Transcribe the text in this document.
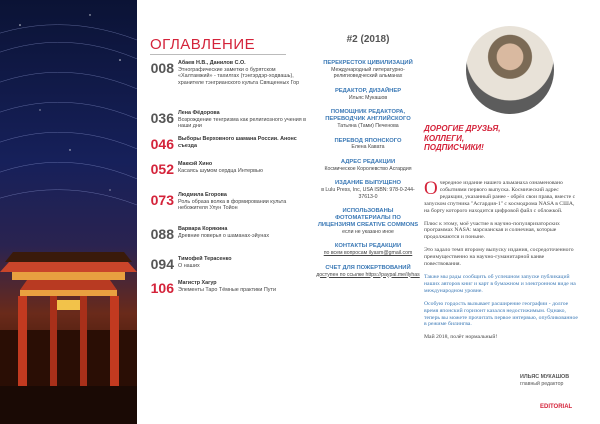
ОГЛАВЛЕНИЕ
008 Абаев Н.В., Данилов С.О.
Этнографические заметки о бурятском «Халтамжий» - тахилгах (тэнгэрдэр-ходвашь), хранителе тэнгрианского культа Священных Гор
036 Лена Фёдорова
Возрождение тенгризма как религиозного учения в наши дни
046 Выборы Верховного шамана России. Анонс съезда
052 Маккэй Хино
Касаясь шумом сердца Интервью
073 Людмила Егорова
Роль образа волка в формировании культа небожителя Улун Тойон
088 Варвара Корякина
Древние поверья о шаманах-эйунах
094 Тимофей Терасенко
О наших
106 Магистр Хагур
Элементы Таро Тёмные практики Пути
#2 (2018)
ПЕРЕКРЕСТОК ЦИВИЛИЗАЦИЙ
Международный литературно-религиоведческий альманах
РЕДАКТОР, ДИЗАЙНЕР
Ильяс Мукашов
ПОМОЩНИК РЕДАКТОРА, ПЕРЕВОДЧИК АНГЛИЙСКОГО
Татьяна (Тами) Печенова
ПЕРЕВОД ЯПОНСКОГО
Елена Кавата
АДРЕС РЕДАКЦИИ
Космическое Королевство Асгардия
ИЗДАНИЕ ВЫПУЩЕНО
в Lulu Press, Inc, USA ISBN: 978-0-244-37613-0
ИСПОЛЬЗОВАНЫ ФОТОМАТЕРИАЛЫ ПО ЛИЦЕНЗИЯМ CREATIVE COMMONS
если не указано иное
КОНТАКТЫ РЕДАКЦИИ
по всем вопросам ilyasm@gmail.com
СЧЕТ ДЛЯ ПОЖЕРТВОВАНИЙ
доступен по ссылке https://paypal.me/ilyhas
ДОРОГИЕ ДРУЗЬЯ, КОЛЛЕГИ, ПОДПИСЧИКИ!

О чередное издание нашего альманаха ознаменовано событиями первого выпуска. Космический адрес редакции, указанный ранее - обрёл свои права, вместе с запуском спутника "Асгардия-1" с космодрома NASA в США, на борту которого находится цифровой файл с обложкой.

Плюс к этому, моё участие в научно-популяризаторских программах NASA: марсианская и солнечная, которые продолжаются и поныне.

Это задало темп второму выпуску издания, сосредоточенного преимущественно на научно-гуманитарной канве повествования.

Также мы рады сообщить об успешном запуске публикаций наших авторов книг и карт в бумажном и электронном виде на международном уровне.

Особую гордость вызывает расширение географии - долгое время японский горизонт казался недостижимым. Однако, теперь вы можете прочитать первое интервью, опубликованное в режиме билингва.

Май 2018, полёт нормальный!

ИЛЬЯС МУКАШОВ
главный редактор
EDITORIAL
